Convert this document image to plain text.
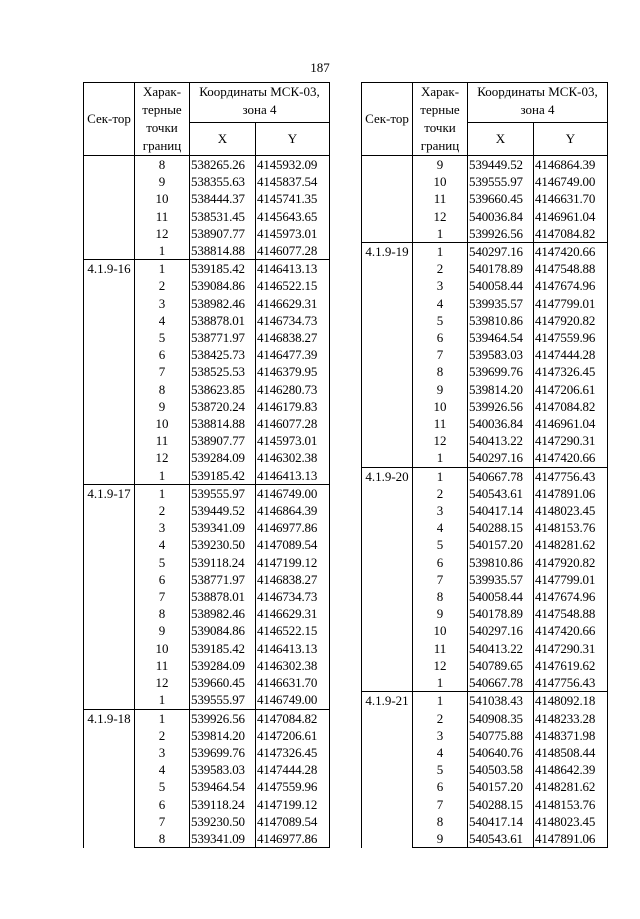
187
Сек-тор	Харак-терные точки границ	Координаты МСК-03, зона 4	
		X	Y
	8	538265.26	4145932.09
	9	538355.63	4145837.54
	10	538444.37	4145741.35
	11	538531.45	4145643.65
	12	538907.77	4145973.01
	1	538814.88	4146077.28
4.1.9-16	1	539185.42	4146413.13
	2	539084.86	4146522.15
	3	538982.46	4146629.31
	4	538878.01	4146734.73
	5	538771.97	4146838.27
	6	538425.73	4146477.39
	7	538525.53	4146379.95
	8	538623.85	4146280.73
	9	538720.24	4146179.83
	10	538814.88	4146077.28
	11	538907.77	4145973.01
	12	539284.09	4146302.38
	1	539185.42	4146413.13
4.1.9-17	1	539555.97	4146749.00
	2	539449.52	4146864.39
	3	539341.09	4146977.86
	4	539230.50	4147089.54
	5	539118.24	4147199.12
	6	538771.97	4146838.27
	7	538878.01	4146734.73
	8	538982.46	4146629.31
	9	539084.86	4146522.15
	10	539185.42	4146413.13
	11	539284.09	4146302.38
	12	539660.45	4146631.70
	1	539555.97	4146749.00
4.1.9-18	1	539926.56	4147084.82
	2	539814.20	4147206.61
	3	539699.76	4147326.45
	4	539583.03	4147444.28
	5	539464.54	4147559.96
	6	539118.24	4147199.12
	7	539230.50	4147089.54
	8	539341.09	4146977.86
Сек-тор	Харак-терные точки границ	Координаты МСК-03, зона 4	
		X	Y
	9	539449.52	4146864.39
	10	539555.97	4146749.00
	11	539660.45	4146631.70
	12	540036.84	4146961.04
	1	539926.56	4147084.82
4.1.9-19	1	540297.16	4147420.66
	2	540178.89	4147548.88
	3	540058.44	4147674.96
	4	539935.57	4147799.01
	5	539810.86	4147920.82
	6	539464.54	4147559.96
	7	539583.03	4147444.28
	8	539699.76	4147326.45
	9	539814.20	4147206.61
	10	539926.56	4147084.82
	11	540036.84	4146961.04
	12	540413.22	4147290.31
	1	540297.16	4147420.66
4.1.9-20	1	540667.78	4147756.43
	2	540543.61	4147891.06
	3	540417.14	4148023.45
	4	540288.15	4148153.76
	5	540157.20	4148281.62
	6	539810.86	4147920.82
	7	539935.57	4147799.01
	8	540058.44	4147674.96
	9	540178.89	4147548.88
	10	540297.16	4147420.66
	11	540413.22	4147290.31
	12	540789.65	4147619.62
	1	540667.78	4147756.43
4.1.9-21	1	541038.43	4148092.18
	2	540908.35	4148233.28
	3	540775.88	4148371.98
	4	540640.76	4148508.44
	5	540503.58	4148642.39
	6	540157.20	4148281.62
	7	540288.15	4148153.76
	8	540417.14	4148023.45
	9	540543.61	4147891.06
